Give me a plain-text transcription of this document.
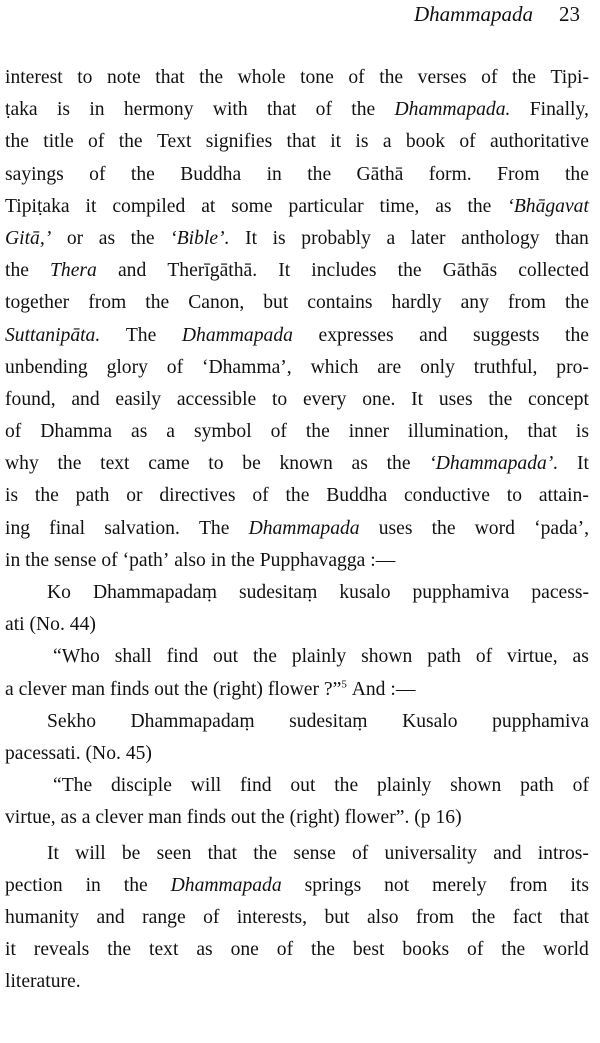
Dhammapada 23
interest to note that the whole tone of the verses of the Tipi-
ṭaka is in hermony with that of the Dhammapada. Finally,
the title of the Text signifies that it is a book of authoritative
sayings of the Buddha in the Gāthā form. From the
Tipiṭaka it compiled at some particular time, as the ‘Bhāgavat
Gitā,’ or as the ‘Bible’. It is probably a later anthology than
the Thera and Therīgāthā. It includes the Gāthās collected
together from the Canon, but contains hardly any from the
Suttanipāta. The Dhammapada expresses and suggests the
unbending glory of ‘Dhamma’, which are only truthful, pro-
found, and easily accessible to every one. It uses the concept
of Dhamma as a symbol of the inner illumination, that is
why the text came to be known as the ‘Dhammapada’. It
is the path or directives of the Buddha conductive to attain-
ing final salvation. The Dhammapada uses the word ‘pada’,
in
the
sense
of
‘path’
also
in
the
Pupphavagga
:—
Ko Dhammapadaṃ sudesitaṃ kusalo pupphamiva pacess-
ati
(No.
44)
“Who shall find out the plainly shown path of virtue, as
a
clever
man
finds
out
the
(right)
flower
?”$^5$
And
:—
Sekho Dhammapadaṃ sudesitaṃ Kusalo pupphamiva
pacessati.
(No.
45)
“The disciple will find out the plainly shown path of
virtue,
as
a
clever
man
finds
out
the
(right)
flower”.
(p
16)
It will be seen that the sense of universality and intros-
pection in the Dhammapada springs not merely from its
humanity and range of interests, but also from the fact that
it reveals the text as one of the best books of the world
literature.
